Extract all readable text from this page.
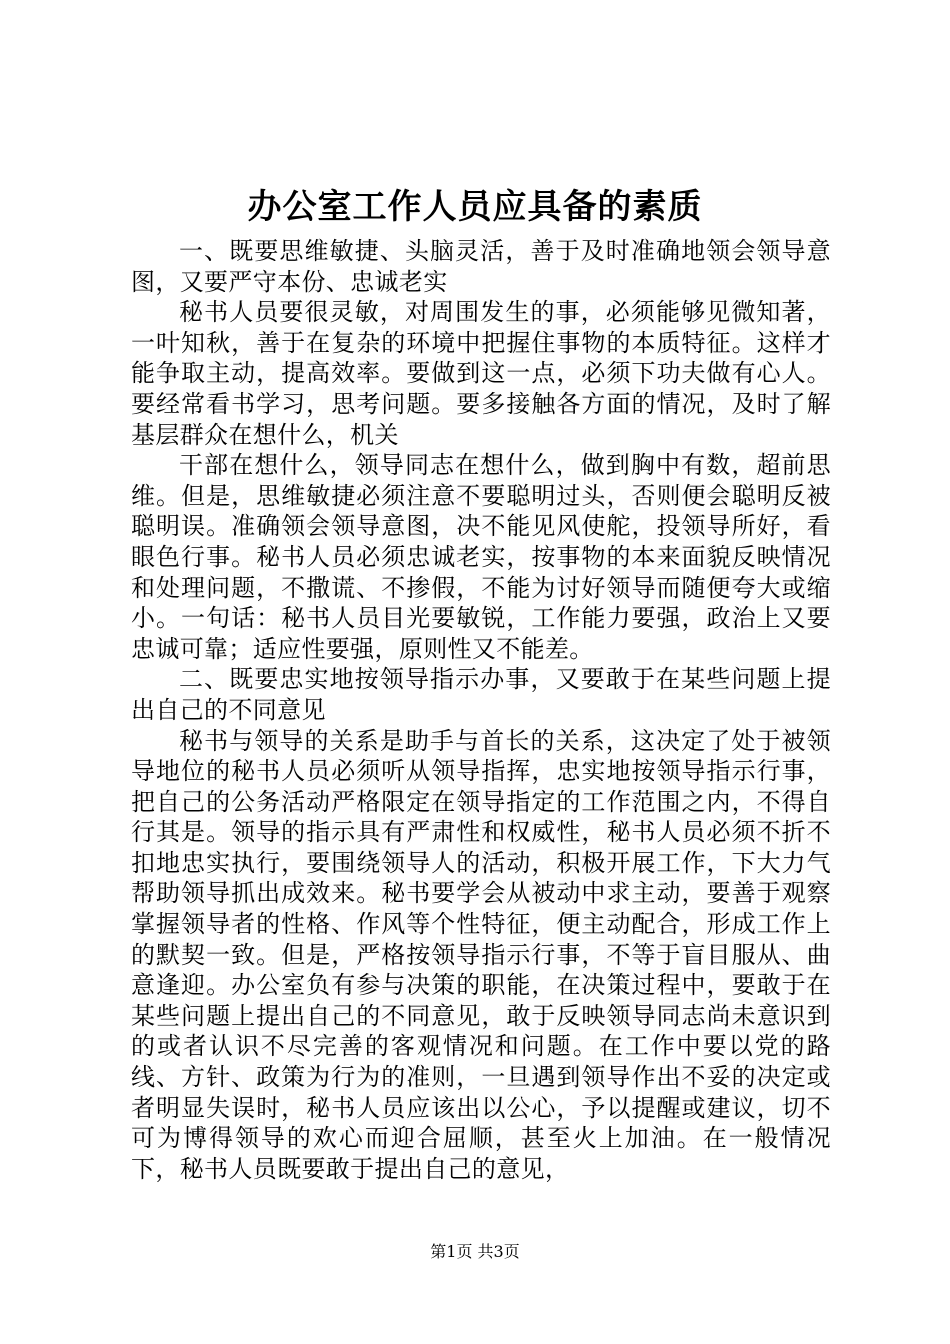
办公室工作人员应具备的素质

一、既要思维敏捷、头脑灵活，善于及时准确地领会领导意图，又要严守本份、忠诚老实

秘书人员要很灵敏，对周围发生的事，必须能够见微知著，一叶知秋，善于在复杂的环境中把握住事物的本质特征。这样才能争取主动，提高效率。要做到这一点，必须下功夫做有心人。要经常看书学习，思考问题。要多接触各方面的情况，及时了解基层群众在想什么，机关

干部在想什么，领导同志在想什么，做到胸中有数，超前思维。但是，思维敏捷必须注意不要聪明过头，否则便会聪明反被聪明误。准确领会领导意图，决不能见风使舵，投领导所好，看眼色行事。秘书人员必须忠诚老实，按事物的本来面貌反映情况和处理问题，不撒谎、不掺假，不能为讨好领导而随便夸大或缩小。一句话：秘书人员目光要敏锐，工作能力要强，政治上又要忠诚可靠；适应性要强，原则性又不能差。

二、既要忠实地按领导指示办事，又要敢于在某些问题上提出自己的不同意见

秘书与领导的关系是助手与首长的关系，这决定了处于被领导地位的秘书人员必须听从领导指挥，忠实地按领导指示行事，把自己的公务活动严格限定在领导指定的工作范围之内，不得自行其是。领导的指示具有严肃性和权威性，秘书人员必须不折不扣地忠实执行，要围绕领导人的活动，积极开展工作，下大力气帮助领导抓出成效来。秘书要学会从被动中求主动，要善于观察掌握领导者的性格、作风等个性特征，便主动配合，形成工作上的默契一致。但是，严格按领导指示行事，不等于盲目服从、曲意逢迎。办公室负有参与决策的职能，在决策过程中，要敢于在某些问题上提出自己的不同意见，敢于反映领导同志尚未意识到的或者认识不尽完善的客观情况和问题。在工作中要以党的路线、方针、政策为行为的准则，一旦遇到领导作出不妥的决定或者明显失误时，秘书人员应该出以公心，予以提醒或建议，切不可为博得领导的欢心而迎合屈顺，甚至火上加油。在一般情况下，秘书人员既要敢于提出自己的意见，

第1页 共3页
